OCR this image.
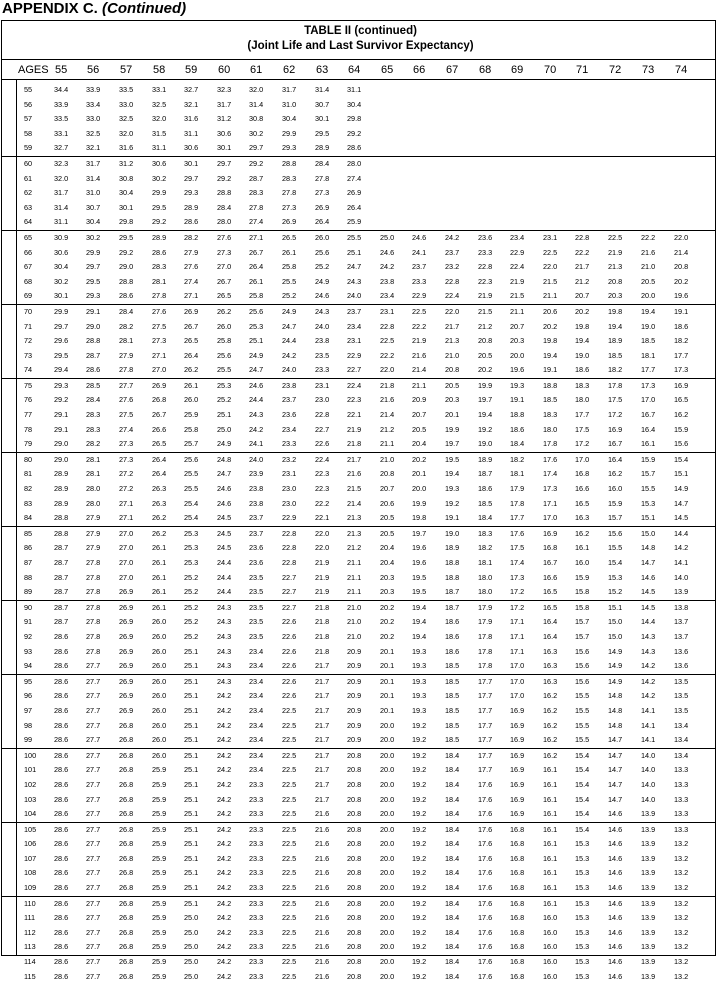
APPENDIX C. (Continued)
TABLE II (continued)
(Joint Life and Last Survivor Expectancy)
AGES 55 56 57 58 59 60 61 62 63 64 65 66 67 68 69 70 71 72 73 74
55	34.4 33.9	33.5	33.1 32.7	32.3 32.0	31.7	31.4 31.1
56	33.9 33.4	33.0	32.5 32.1	31.7 31.4	31.0	30.7 30.4
57	33.5 33.0	32.5	32.0 31.6	31.2 30.8	30.4	30.1 29.8
58	33.1 32.5	32.0	31.5 31.1	30.6 30.2	29.9	29.5 29.2
59	32.7 32.1	31.6	31.1 30.6	30.1 29.7	29.3	28.9 28.6
60	32.3 31.7	31.2	30.6 30.1	29.7 29.2	28.8	28.4 28.0
61	32.0 31.4	30.8	30.2 29.7	29.2 28.7	28.3	27.8 27.4
62	31.7 31.0	30.4	29.9 29.3	28.8 28.3	27.8	27.3 26.9
63	31.4 30.7	30.1	29.5 28.9	28.4 27.8	27.3	26.9 26.4
64	31.1 30.4	29.8	29.2 28.6	28.0 27.4	26.9	26.4 25.9
65	30.9 30.2	29.5	28.9 28.2	27.6 27.1	26.5	26.0 25.5	25.0 24.6	24.2	23.6 23.4	23.1 22.8	22.5	22.2	22.0
66	30.6 29.9	29.2	28.6 27.9	27.3 26.7	26.1	25.6 25.1	24.6 24.1	23.7	23.3 22.9	22.5 22.2	21.9	21.6	21.4
67	30.4 29.7	29.0	28.3 27.6	27.0 26.4	25.8	25.2 24.7	24.2 23.7	23.2	22.8 22.4	22.0 21.7	21.3	21.0	20.8
68	30.2 29.5	28.8	28.1 27.4	26.7 26.1	25.5	24.9 24.3	23.8 23.3	22.8	22.3 21.9	21.5 21.2	20.8	20.5	20.2
69	30.1 29.3	28.6	27.8 27.1	26.5 25.8	25.2	24.6 24.0	23.4 22.9	22.4	21.9 21.5	21.1 20.7	20.3	20.0	19.6
70	29.9 29.1	28.4	27.6 26.9	26.2 25.6	24.9	24.3 23.7	23.1 22.5	22.0	21.5 21.1	20.6 20.2	19.8	19.4	19.1
71	29.7 29.0	28.2	27.5 26.7	26.0 25.3	24.7	24.0 23.4	22.8 22.2	21.7	21.2 20.7	20.2 19.8	19.4	19.0	18.6
72	29.6 28.8	28.1	27.3 26.5	25.8 25.1	24.4	23.8 23.1	22.5 21.9	21.3	20.8 20.3	19.8 19.4	18.9	18.5	18.2
73	29.5 28.7	27.9	27.1 26.4	25.6 24.9	24.2	23.5 22.9	22.2 21.6	21.0	20.5 20.0	19.4 19.0	18.5	18.1	17.7
74	29.4 28.6	27.8	27.0 26.2	25.5 24.7	24.0	23.3 22.7	22.0 21.4	20.8	20.2 19.6	19.1 18.6	18.2	17.7	17.3
75	29.3 28.5	27.7	26.9 26.1	25.3 24.6	23.8	23.1 22.4	21.8 21.1	20.5	19.9 19.3	18.8 18.3	17.8	17.3	16.9
76	29.2 28.4	27.6	26.8 26.0	25.2 24.4	23.7	23.0 22.3	21.6 20.9	20.3	19.7 19.1	18.5 18.0	17.5	17.0	16.5
77	29.1 28.3	27.5	26.7 25.9	25.1 24.3	23.6	22.8 22.1	21.4 20.7	20.1	19.4 18.8	18.3 17.7	17.2	16.7	16.2
78	29.1 28.3	27.4	26.6 25.8	25.0 24.2	23.4	22.7 21.9	21.2 20.5	19.9	19.2 18.6	18.0 17.5	16.9	16.4	15.9
79	29.0 28.2	27.3	26.5 25.7	24.9 24.1	23.3	22.6 21.8	21.1 20.4	19.7	19.0 18.4	17.8 17.2	16.7	16.1	15.6
80	29.0 28.1	27.3	26.4 25.6	24.8 24.0	23.2	22.4 21.7	21.0 20.2	19.5	18.9 18.2	17.6 17.0	16.4	15.9	15.4
81	28.9 28.1	27.2	26.4 25.5	24.7 23.9	23.1	22.3 21.6	20.8 20.1	19.4	18.7 18.1	17.4 16.8	16.2	15.7	15.1
82	28.9 28.0	27.2	26.3 25.5	24.6 23.8	23.0	22.3 21.5	20.7 20.0	19.3	18.6 17.9	17.3 16.6	16.0	15.5	14.9
83	28.9 28.0	27.1	26.3 25.4	24.6 23.8	23.0	22.2 21.4	20.6 19.9	19.2	18.5 17.8	17.1 16.5	15.9	15.3	14.7
84	28.8 27.9	27.1	26.2 25.4	24.5 23.7	22.9	22.1 21.3	20.5 19.8	19.1	18.4 17.7	17.0 16.3	15.7	15.1	14.5
85	28.8 27.9	27.0	26.2 25.3	24.5 23.7	22.8	22.0 21.3	20.5 19.7	19.0	18.3 17.6	16.9 16.2	15.6	15.0	14.4
86	28.7 27.9	27.0	26.1 25.3	24.5 23.6	22.8	22.0 21.2	20.4 19.6	18.9	18.2 17.5	16.8 16.1	15.5	14.8	14.2
87	28.7 27.8	27.0	26.1 25.3	24.4 23.6	22.8	21.9 21.1	20.4 19.6	18.8	18.1 17.4	16.7 16.0	15.4	14.7	14.1
88	28.7 27.8	27.0	26.1 25.2	24.4 23.5	22.7	21.9 21.1	20.3 19.5	18.8	18.0 17.3	16.6 15.9	15.3	14.6	14.0
89	28.7 27.8	26.9	26.1 25.2	24.4 23.5	22.7	21.9 21.1	20.3 19.5	18.7	18.0 17.2	16.5 15.8	15.2	14.5	13.9
90	28.7 27.8	26.9	26.1 25.2	24.3 23.5	22.7	21.8 21.0	20.2 19.4	18.7	17.9 17.2	16.5 15.8	15.1	14.5	13.8
91	28.7 27.8	26.9	26.0 25.2	24.3 23.5	22.6	21.8 21.0	20.2 19.4	18.6	17.9 17.1	16.4 15.7	15.0	14.4	13.7
92	28.6 27.8	26.9	26.0 25.2	24.3 23.5	22.6	21.8 21.0	20.2 19.4	18.6	17.8 17.1	16.4 15.7	15.0	14.3	13.7
93	28.6 27.8	26.9	26.0 25.1	24.3 23.4	22.6	21.8 20.9	20.1 19.3	18.6	17.8 17.1	16.3 15.6	14.9	14.3	13.6
94	28.6 27.7	26.9	26.0 25.1	24.3 23.4	22.6	21.7 20.9	20.1 19.3	18.5	17.8 17.0	16.3 15.6	14.9	14.2	13.6
95	28.6 27.7	26.9	26.0 25.1	24.3 23.4	22.6	21.7 20.9	20.1 19.3	18.5	17.7 17.0	16.3 15.6	14.9	14.2	13.5
96	28.6 27.7	26.9	26.0 25.1	24.2 23.4	22.6	21.7 20.9	20.1 19.3	18.5	17.7 17.0	16.2 15.5	14.8	14.2	13.5
97	28.6 27.7	26.9	26.0 25.1	24.2 23.4	22.5	21.7 20.9	20.1 19.3	18.5	17.7 16.9	16.2 15.5	14.8	14.1	13.5
98	28.6 27.7	26.8	26.0 25.1	24.2 23.4	22.5	21.7 20.9	20.0 19.2	18.5	17.7 16.9	16.2 15.5	14.8	14.1	13.4
99	28.6 27.7	26.8	26.0 25.1	24.2 23.4	22.5	21.7 20.9	20.0 19.2	18.5	17.7 16.9	16.2 15.5	14.7	14.1	13.4
100 28.6 27.7	26.8	26.0 25.1	24.2 23.4	22.5	21.7 20.8	20.0 19.2	18.4	17.7 16.9	16.2 15.4	14.7	14.0	13.4
101 28.6 27.7	26.8	25.9 25.1	24.2 23.4	22.5	21.7 20.8	20.0 19.2	18.4	17.7 16.9	16.1 15.4	14.7	14.0	13.3
102 28.6 27.7	26.8	25.9 25.1	24.2 23.3	22.5	21.7 20.8	20.0 19.2	18.4	17.6 16.9	16.1 15.4	14.7	14.0	13.3
103 28.6 27.7	26.8	25.9 25.1	24.2 23.3	22.5	21.7 20.8	20.0 19.2	18.4	17.6 16.9	16.1 15.4	14.7	14.0	13.3
104 28.6 27.7	26.8	25.9 25.1	24.2 23.3	22.5	21.6 20.8	20.0 19.2	18.4	17.6 16.9	16.1 15.4	14.6	13.9	13.3
105 28.6 27.7	26.8	25.9 25.1	24.2 23.3	22.5	21.6 20.8	20.0 19.2	18.4	17.6 16.8	16.1 15.4	14.6	13.9	13.3
106 28.6 27.7	26.8	25.9 25.1	24.2 23.3	22.5	21.6 20.8	20.0 19.2	18.4	17.6 16.8	16.1 15.3	14.6	13.9	13.2
107 28.6 27.7	26.8	25.9 25.1	24.2 23.3	22.5	21.6 20.8	20.0 19.2	18.4	17.6 16.8	16.1 15.3	14.6	13.9	13.2
108 28.6 27.7	26.8	25.9 25.1	24.2 23.3	22.5	21.6 20.8	20.0 19.2	18.4	17.6 16.8	16.1 15.3	14.6	13.9	13.2
109 28.6 27.7	26.8	25.9 25.1	24.2 23.3	22.5	21.6 20.8	20.0 19.2	18.4	17.6 16.8	16.1 15.3	14.6	13.9	13.2
110	28.6 27.7	26.8	25.9 25.1	24.2 23.3	22.5	21.6 20.8	20.0 19.2	18.4	17.6 16.8	16.1 15.3	14.6	13.9	13.2
111	28.6 27.7	26.8	25.9 25.0	24.2 23.3	22.5	21.6 20.8	20.0 19.2	18.4	17.6 16.8	16.0 15.3	14.6	13.9	13.2
112	28.6 27.7	26.8	25.9 25.0	24.2 23.3	22.5	21.6 20.8	20.0 19.2	18.4	17.6 16.8	16.0 15.3	14.6	13.9	13.2
113	28.6 27.7	26.8	25.9 25.0	24.2 23.3	22.5	21.6 20.8	20.0 19.2	18.4	17.6 16.8	16.0 15.3	14.6	13.9	13.2
114	28.6 27.7	26.8	25.9 25.0	24.2 23.3	22.5	21.6 20.8	20.0 19.2	18.4	17.6 16.8	16.0 15.3	14.6	13.9	13.2
115	28.6 27.7	26.8	25.9 25.0	24.2 23.3	22.5	21.6 20.8	20.0 19.2	18.4	17.6 16.8	16.0 15.3	14.6	13.9	13.2
